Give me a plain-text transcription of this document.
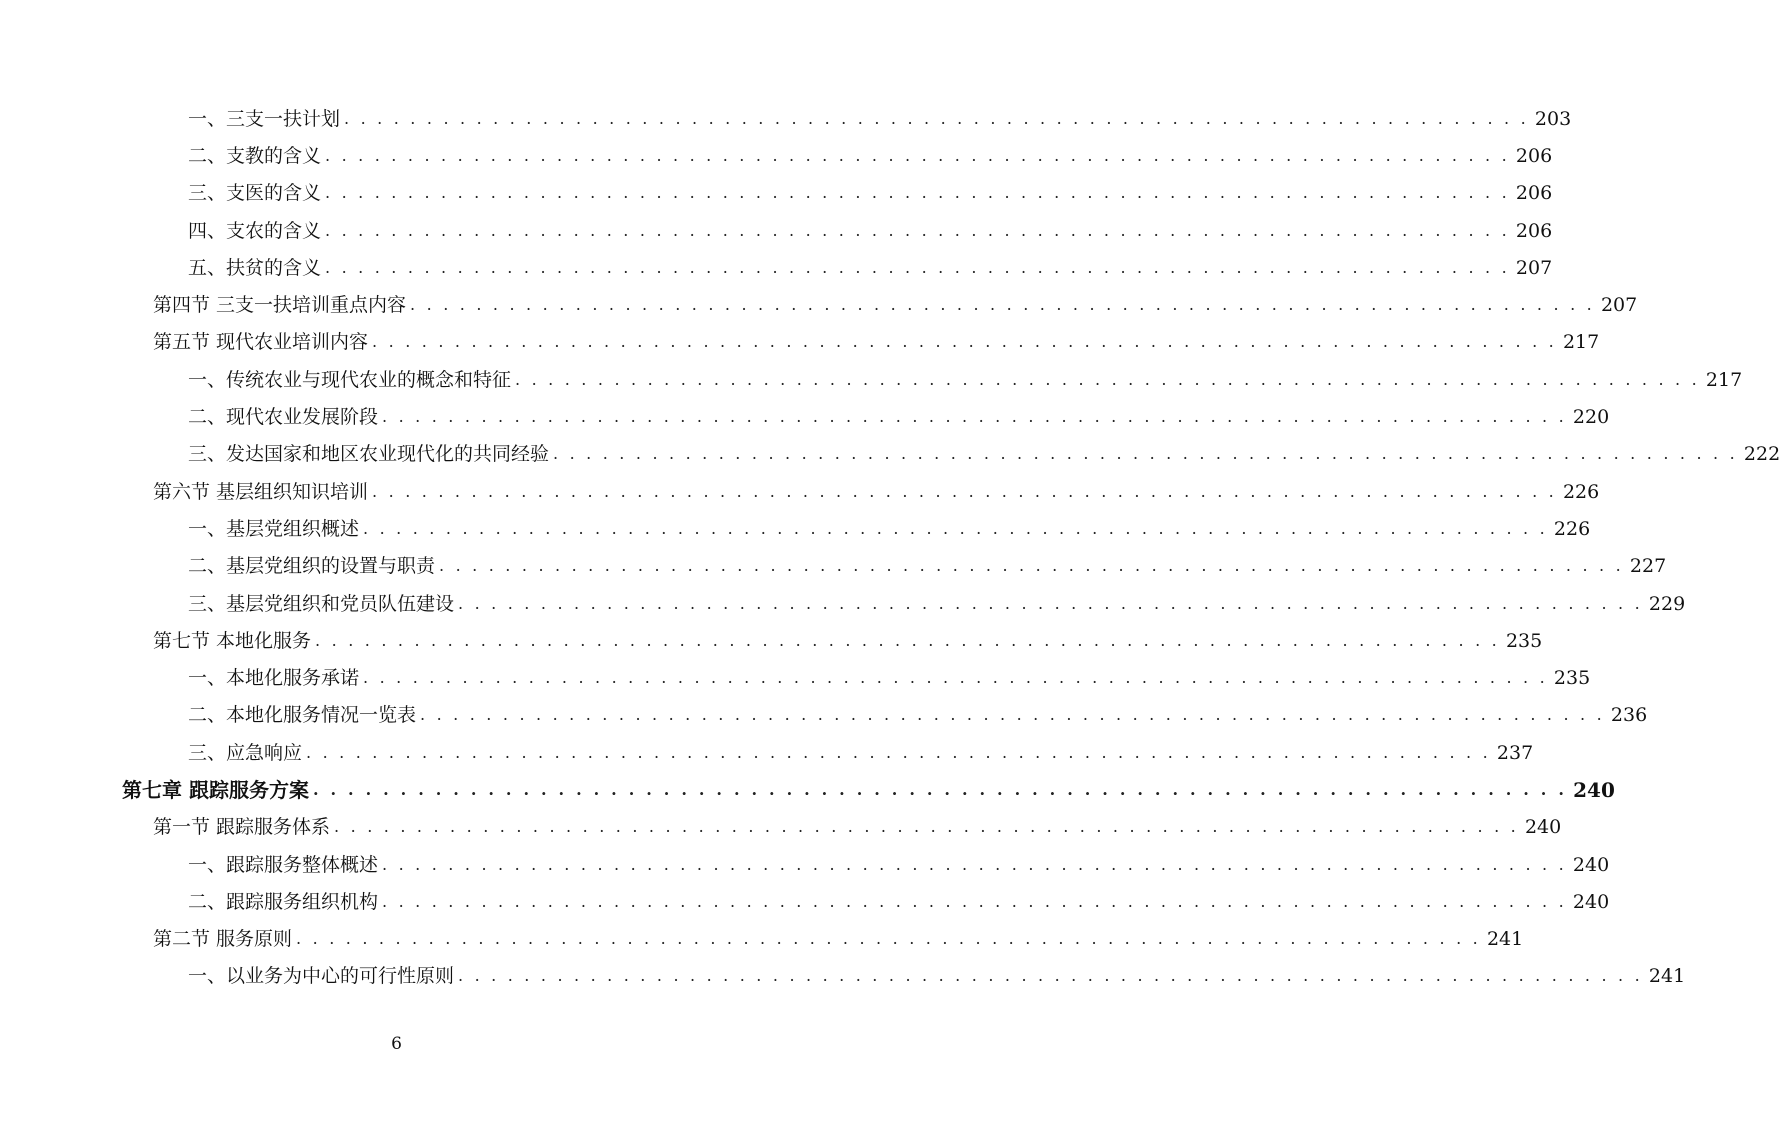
一、三支一扶计划 . . . . . . . . . . . . . . . . . . . . . . . . . . . . . . . . . . . . . . . . . . . . . . . . . . . . . . . . . . . . . . . . . . . . . . . . 203
二、支教的含义 . . . . . . . . . . . . . . . . . . . . . . . . . . . . . . . . . . . . . . . . . . . . . . . . . . . . . . . . . . . . . . . . . . . . . . . . 206
三、支医的含义 . . . . . . . . . . . . . . . . . . . . . . . . . . . . . . . . . . . . . . . . . . . . . . . . . . . . . . . . . . . . . . . . . . . . . . . . 206
四、支农的含义 . . . . . . . . . . . . . . . . . . . . . . . . . . . . . . . . . . . . . . . . . . . . . . . . . . . . . . . . . . . . . . . . . . . . . . . . 206
五、扶贫的含义 . . . . . . . . . . . . . . . . . . . . . . . . . . . . . . . . . . . . . . . . . . . . . . . . . . . . . . . . . . . . . . . . . . . . . . . . 207
第四节 三支一扶培训重点内容 . . . . . . . . . . . . . . . . . . . . . . . . . . . . . . . . . . . . . . . . . . . . . . . . . . . . . . . . . . . . . . . . . . . . . . . . 207
第五节 现代农业培训内容 . . . . . . . . . . . . . . . . . . . . . . . . . . . . . . . . . . . . . . . . . . . . . . . . . . . . . . . . . . . . . . . . . . . . . . . . 217
一、传统农业与现代农业的概念和特征 . . . . . . . . . . . . . . . . . . . . . . . . . . . . . . . . . . . . . . . . . . . . . . . . . . . . . . . . . . . . . . . . . . . . . . . . 217
二、现代农业发展阶段 . . . . . . . . . . . . . . . . . . . . . . . . . . . . . . . . . . . . . . . . . . . . . . . . . . . . . . . . . . . . . . . . . . . . . . . . 220
三、发达国家和地区农业现代化的共同经验 . . . . . . . . . . . . . . . . . . . . . . . . . . . . . . . . . . . . . . . . . . . . . . . . . . . . . . . . . . . . . . . . . . . . . . . . 222
第六节 基层组织知识培训 . . . . . . . . . . . . . . . . . . . . . . . . . . . . . . . . . . . . . . . . . . . . . . . . . . . . . . . . . . . . . . . . . . . . . . . . 226
一、基层党组织概述 . . . . . . . . . . . . . . . . . . . . . . . . . . . . . . . . . . . . . . . . . . . . . . . . . . . . . . . . . . . . . . . . . . . . . . . . 226
二、基层党组织的设置与职责 . . . . . . . . . . . . . . . . . . . . . . . . . . . . . . . . . . . . . . . . . . . . . . . . . . . . . . . . . . . . . . . . . . . . . . . . 227
三、基层党组织和党员队伍建设 . . . . . . . . . . . . . . . . . . . . . . . . . . . . . . . . . . . . . . . . . . . . . . . . . . . . . . . . . . . . . . . . . . . . . . . . 229
第七节 本地化服务 . . . . . . . . . . . . . . . . . . . . . . . . . . . . . . . . . . . . . . . . . . . . . . . . . . . . . . . . . . . . . . . . . . . . . . . . 235
一、本地化服务承诺 . . . . . . . . . . . . . . . . . . . . . . . . . . . . . . . . . . . . . . . . . . . . . . . . . . . . . . . . . . . . . . . . . . . . . . . . 235
二、本地化服务情况一览表 . . . . . . . . . . . . . . . . . . . . . . . . . . . . . . . . . . . . . . . . . . . . . . . . . . . . . . . . . . . . . . . . . . . . . . . . 236
三、应急响应 . . . . . . . . . . . . . . . . . . . . . . . . . . . . . . . . . . . . . . . . . . . . . . . . . . . . . . . . . . . . . . . . . . . . . . . . 237
第七章 跟踪服务方案 . . . . . . . . . . . . . . . . . . . . . . . . . . . . . . . . . . . . . . . . . . . . . . . . . . . . . . . . . . . . . . . . . . . . . . . . 240
第一节 跟踪服务体系 . . . . . . . . . . . . . . . . . . . . . . . . . . . . . . . . . . . . . . . . . . . . . . . . . . . . . . . . . . . . . . . . . . . . . . . . 240
一、跟踪服务整体概述 . . . . . . . . . . . . . . . . . . . . . . . . . . . . . . . . . . . . . . . . . . . . . . . . . . . . . . . . . . . . . . . . . . . . . . . . 240
二、跟踪服务组织机构 . . . . . . . . . . . . . . . . . . . . . . . . . . . . . . . . . . . . . . . . . . . . . . . . . . . . . . . . . . . . . . . . . . . . . . . . 240
第二节 服务原则 . . . . . . . . . . . . . . . . . . . . . . . . . . . . . . . . . . . . . . . . . . . . . . . . . . . . . . . . . . . . . . . . . . . . . . . . 241
一、以业务为中心的可行性原则 . . . . . . . . . . . . . . . . . . . . . . . . . . . . . . . . . . . . . . . . . . . . . . . . . . . . . . . . . . . . . . . . . . . . . . . . 241
6
